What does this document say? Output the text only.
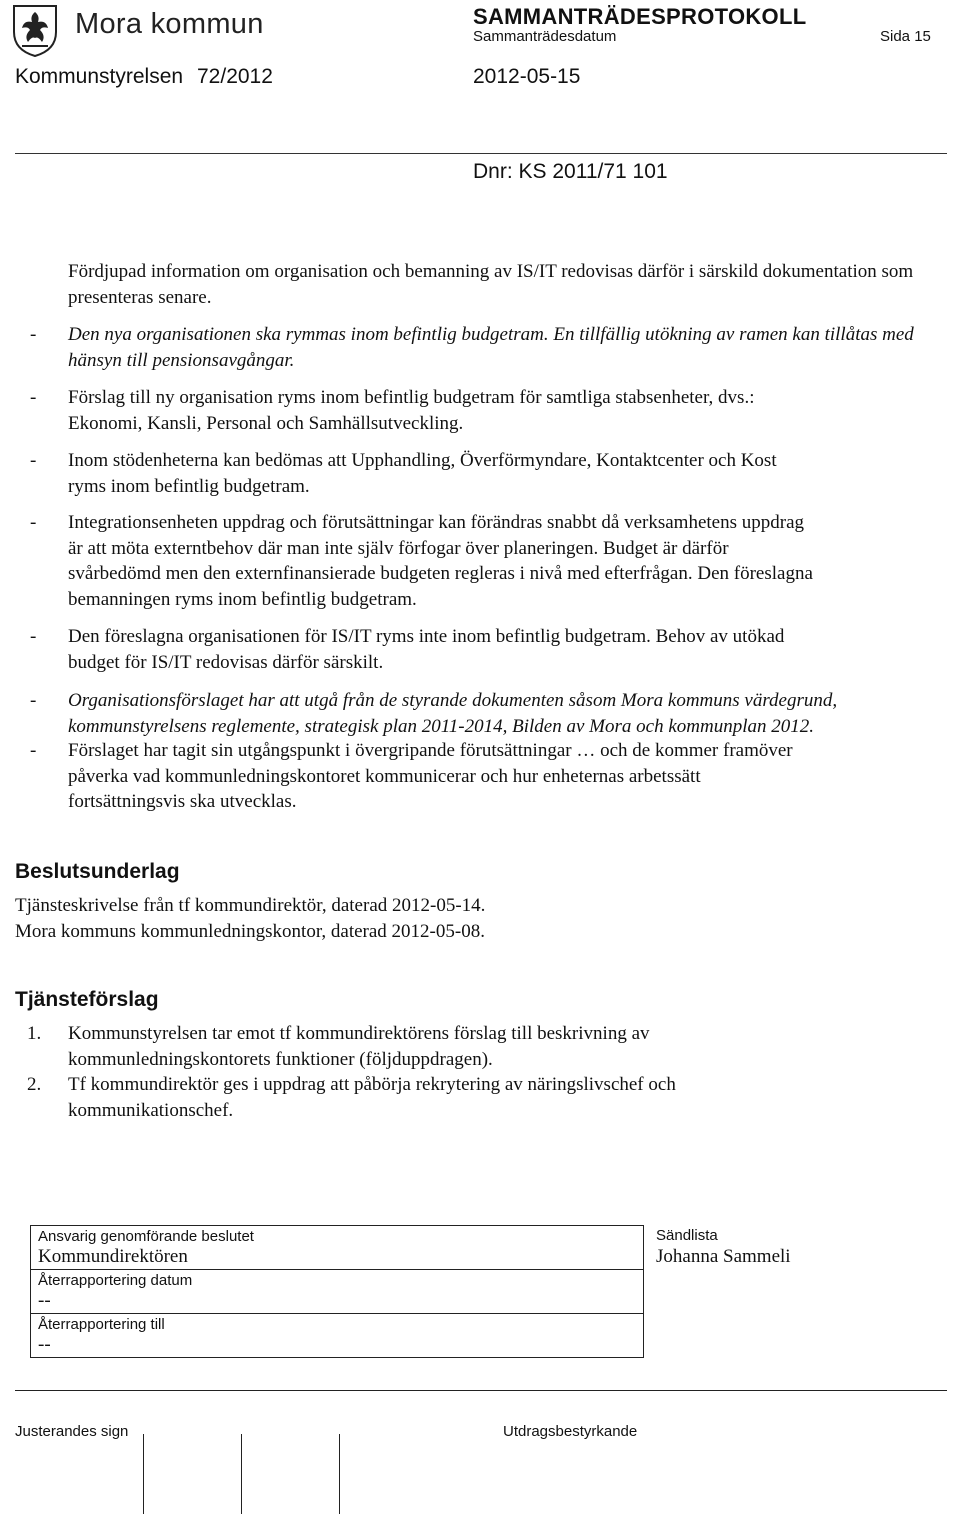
Mora kommun	SAMMANTRÄDESPROTOKOLL
Sammanträdesdatum	Sida 15
Kommunstyrelsen 72/2012	2012-05-15
Dnr: KS 2011/71 101
Fördjupad information om organisation och bemanning av IS/IT redovisas därför i särskild dokumentation som presenteras senare.
- Den nya organisationen ska rymmas inom befintlig budgetram. En tillfällig utökning av ramen kan tillåtas med
hänsyn till pensionsavgångar.
- Förslag till ny organisation ryms inom befintlig budgetram för samtliga stabsenheter, dvs.:
Ekonomi, Kansli, Personal och Samhällsutveckling.
- Inom stödenheterna kan bedömas att Upphandling, Överförmyndare, Kontaktcenter och Kost
ryms inom befintlig budgetram.
- Integrationsenheten uppdrag och förutsättningar kan förändras snabbt då verksamhetens uppdrag
är att möta externtbehov där man inte själv förfogar över planeringen. Budget är därför
svårbedömd men den externfinansierade budgeten regleras i nivå med efterfrågan. Den föreslagna
bemanningen ryms inom befintlig budgetram.
- Den föreslagna organisationen för IS/IT ryms inte inom befintlig budgetram. Behov av utökad
budget för IS/IT redovisas därför särskilt.
- Organisationsförslaget har att utgå från de styrande dokumenten såsom Mora kommuns värdegrund,
kommunstyrelsens reglemente, strategisk plan 2011-2014, Bilden av Mora och kommunplan 2012.
- Förslaget har tagit sin utgångspunkt i övergripande förutsättningar … och de kommer framöver
påverka vad kommunledningskontoret kommunicerar och hur enheternas arbetssätt
fortsättningsvis ska utvecklas.
Beslutsunderlag
Tjänsteskrivelse från tf kommundirektör, daterad 2012-05-14.
Mora kommuns kommunledningskontor, daterad 2012-05-08.
Tjänsteförslag
1. Kommunstyrelsen tar emot tf kommundirektörens förslag till beskrivning av
kommunledningskontorets funktioner (följduppdragen).
2. Tf kommundirektör ges i uppdrag att påbörja rekrytering av näringslivschef och
kommunikationschef.
Ansvarig genomförande beslutet
Kommundirektören
Återrapportering datum
--
Återrapportering till
--
Sändlista
Johanna Sammeli
Justerandes sign	Utdragsbestyrkande
